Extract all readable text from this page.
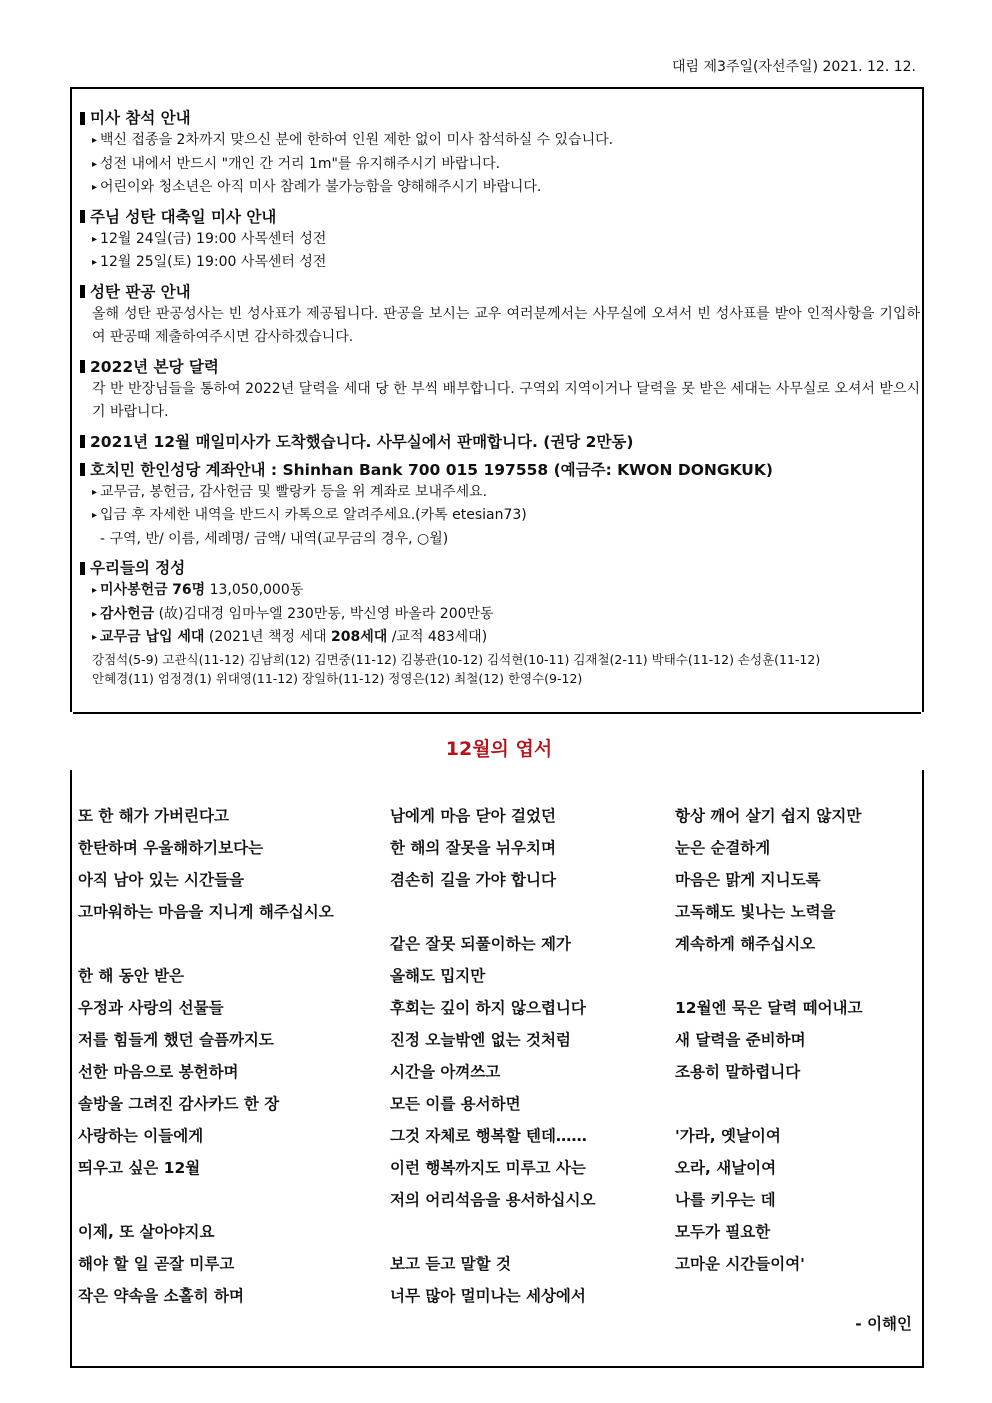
대림 제3주일(자선주일) 2021. 12. 12.
미사 참석 안내
▸ 백신 접종을 2차까지 맞으신 분에 한하여 인원 제한 없이 미사 참석하실 수 있습니다.
▸ 성전 내에서 반드시 "개인 간 거리 1m"를 유지해주시기 바랍니다.
▸ 어린이와 청소년은 아직 미사 참례가 불가능함을 양해해주시기 바랍니다.
주님 성탄 대축일 미사 안내
▸ 12월 24일(금) 19:00 사목센터 성전
▸ 12월 25일(토) 19:00 사목센터 성전
성탄 판공 안내
올해 성탄 판공성사는 빈 성사표가 제공됩니다. 판공을 보시는 교우 여러분께서는 사무실에 오셔서 빈 성사표를 받아 인적사항을 기입하여 판공때 제출하여주시면 감사하겠습니다.
2022년 본당 달력
각 반 반장님들을 통하여 2022년 달력을 세대 당 한 부씩 배부합니다. 구역외 지역이거나 달력을 못 받은 세대는 사무실로 오셔서 받으시기 바랍니다.
2021년 12월 매일미사가 도착했습니다. 사무실에서 판매합니다. (권당 2만동)
호치민 한인성당 계좌안내 : Shinhan Bank 700 015 197558 (예금주: KWON DONGKUK)
▸ 교무금, 봉헌금, 감사헌금 및 빨랑카 등을 위 계좌로 보내주세요.
▸ 입금 후 자세한 내역을 반드시 카톡으로 알려주세요.(카톡 etesian73)
- 구역, 반/ 이름, 세례명/ 금액/ 내역(교무금의 경우, ○월)
우리들의 정성
▸ 미사봉헌금 76명 13,050,000동
▸ 감사헌금 (故)김대경 임마누엘 230만동, 박신영 바올라 200만동
▸ 교무금 납입 세대 (2021년 책정 세대 208세대 /교적 483세대)
강점석(5-9) 고관식(11-12) 김남희(12) 김면중(11-12) 김봉관(10-12) 김석현(10-11) 김재철(2-11) 박태수(11-12) 손성훈(11-12)
안혜경(11) 엄정경(1) 위대영(11-12) 장일하(11-12) 정영은(12) 최철(12) 한영수(9-12)
12월의 엽서
또 한 해가 가버린다고
한탄하며 우울해하기보다는
아직 남아 있는 시간들을
고마워하는 마음을 지니게 해주십시오
한 해 동안 받은
우정과 사랑의 선물들
저를 힘들게 했던 슬픔까지도
선한 마음으로 봉헌하며
솔방울 그려진 감사카드 한 장
사랑하는 이들에게
띄우고 싶은 12월
이제, 또 살아야지요
해야 할 일 곧잘 미루고
작은 약속을 소홀히 하며
남에게 마음 닫아 걸었던
한 해의 잘못을 뉘우치며
겸손히 길을 가야 합니다
같은 잘못 되풀이하는 제가
올해도 밉지만
후회는 깊이 하지 않으렵니다
진정 오늘밖엔 없는 것처럼
시간을 아껴쓰고
모든 이를 용서하면
그것 자체로 행복할 텐데……
이런 행복까지도 미루고 사는
저의 어리석음을 용서하십시오
보고 듣고 말할 것
너무 많아 멀미나는 세상에서
항상 깨어 살기 쉽지 않지만
눈은 순결하게
마음은 맑게 지니도록
고독해도 빛나는 노력을
계속하게 해주십시오
12월엔 묵은 달력 떼어내고
새 달력을 준비하며
조용히 말하렵니다
'가라, 옛날이여
오라, 새날이여
나를 키우는 데
모두가 필요한
고마운 시간들이여'
- 이해인
